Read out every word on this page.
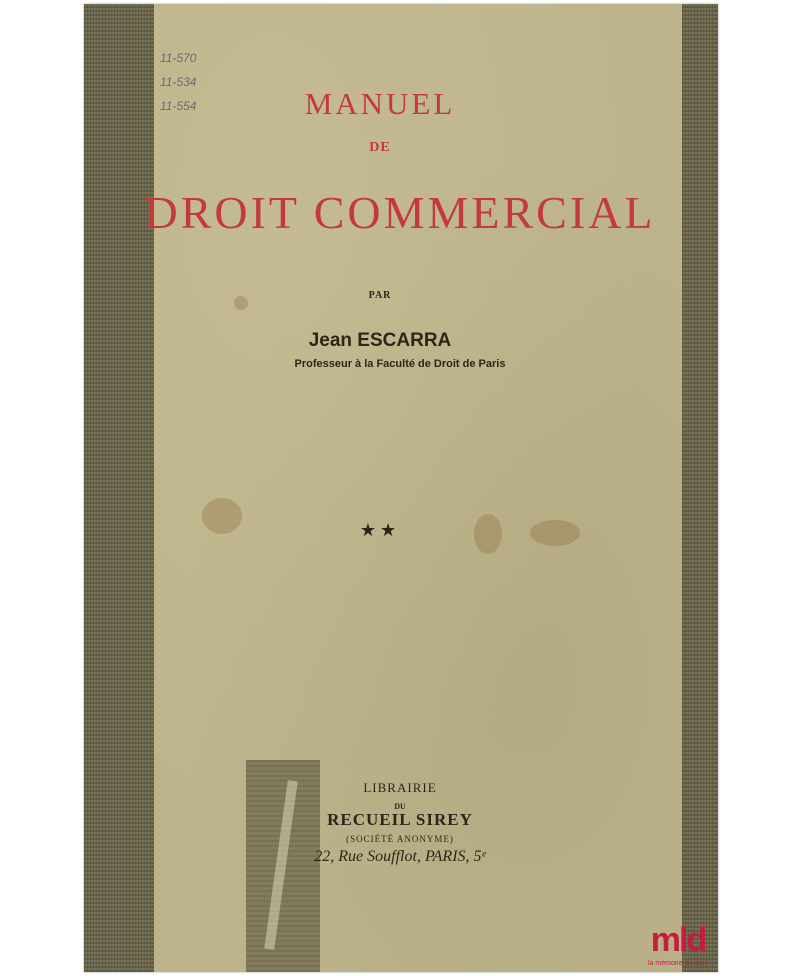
11-570
11-534
11-554	MANUEL

DE

DROIT COMMERCIAL

PAR

Jean ESCARRA

Professeur à la Faculté de Droit de Paris

★★

LIBRAIRIE

DU

RECUEIL SIREY

(SOCIÉTÉ ANONYME)

22, Rue Soufflot, PARIS, 5ᵉ

mld
la mémoire du droit
